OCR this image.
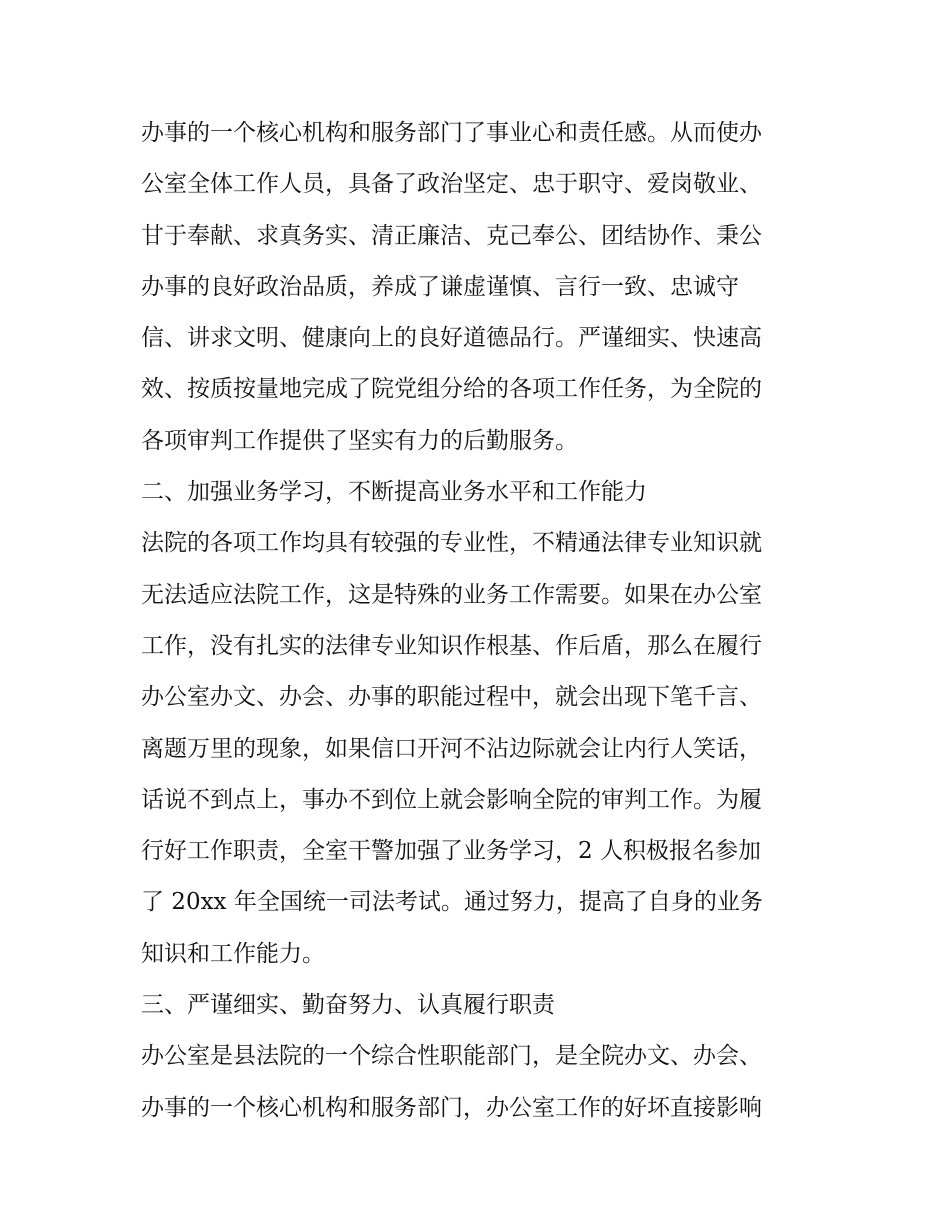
办事的一个核心机构和服务部门了事业心和责任感。从而使办
公室全体工作人员，具备了政治坚定、忠于职守、爱岗敬业、
甘于奉献、求真务实、清正廉洁、克己奉公、团结协作、秉公
办事的良好政治品质，养成了谦虚谨慎、言行一致、忠诚守
信、讲求文明、健康向上的良好道德品行。严谨细实、快速高
效、按质按量地完成了院党组分给的各项工作任务，为全院的
各项审判工作提供了坚实有力的后勤服务。
二、加强业务学习，不断提高业务水平和工作能力
法院的各项工作均具有较强的专业性，不精通法律专业知识就
无法适应法院工作，这是特殊的业务工作需要。如果在办公室
工作，没有扎实的法律专业知识作根基、作后盾，那么在履行
办公室办文、办会、办事的职能过程中，就会出现下笔千言、
离题万里的现象，如果信口开河不沾边际就会让内行人笑话，
话说不到点上，事办不到位上就会影响全院的审判工作。为履
行好工作职责，全室干警加强了业务学习，2 人积极报名参加
了 20xx 年全国统一司法考试。通过努力，提高了自身的业务
知识和工作能力。
三、严谨细实、勤奋努力、认真履行职责
办公室是县法院的一个综合性职能部门，是全院办文、办会、
办事的一个核心机构和服务部门，办公室工作的好坏直接影响
